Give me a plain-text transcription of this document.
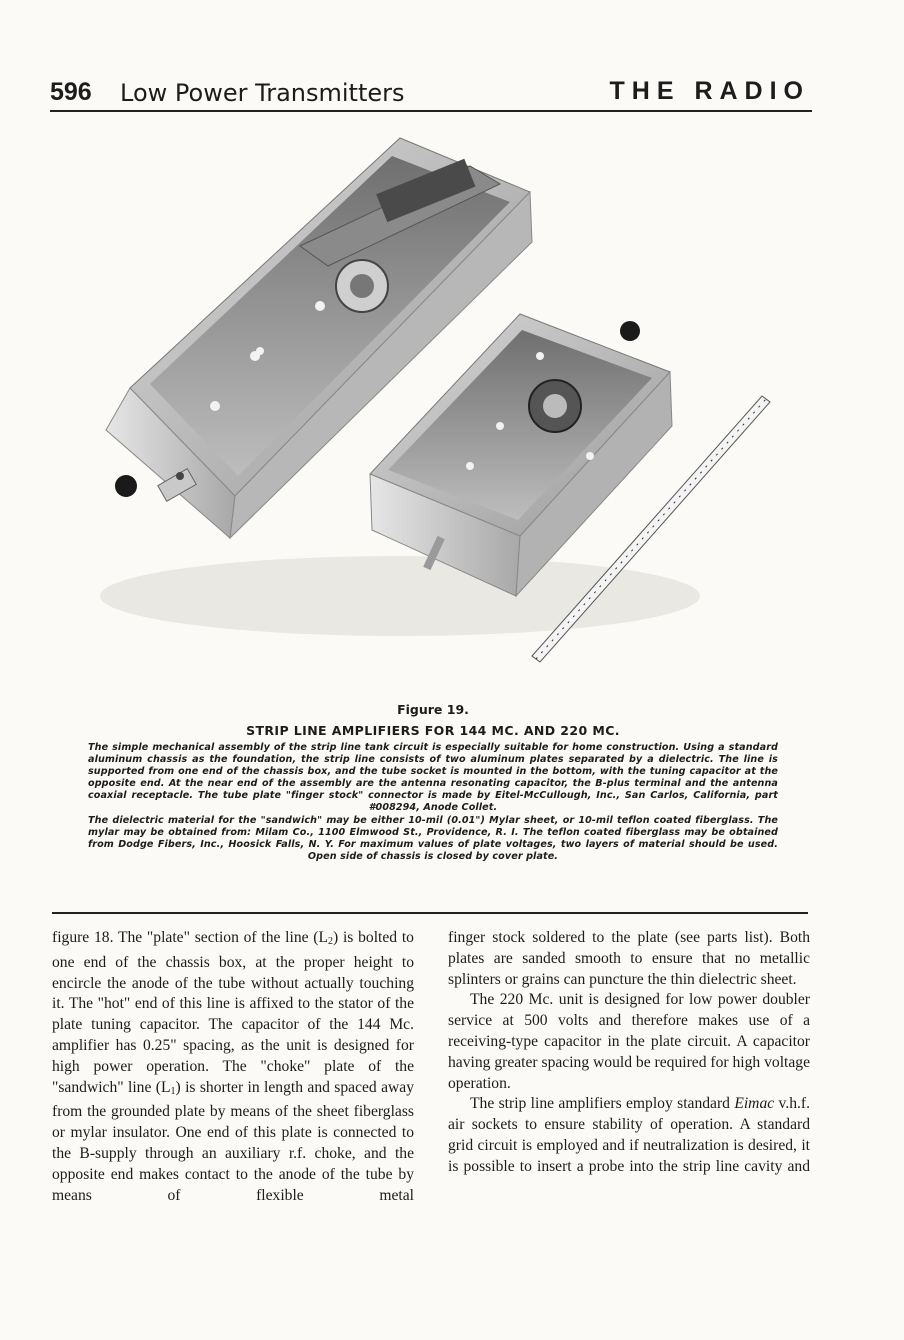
596 Low Power Transmitters	THE RADIO

Figure 19.

STRIP LINE AMPLIFIERS FOR 144 MC. AND 220 MC.

The simple mechanical assembly of the strip line tank circuit is especially suitable for home construction. Using a standard aluminum chassis as the foundation, the strip line consists of two aluminum plates separated by a dielectric. The line is supported from one end of the chassis box, and the tube socket is mounted in the bottom, with the tuning capacitor at the opposite end. At the near end of the assembly are the antenna resonating capacitor, the B-plus terminal and the antenna coaxial receptacle. The tube plate "finger stock" connector is made by Eitel-McCullough, Inc., San Carlos, California, part #008294, Anode Collet.

The dielectric material for the "sandwich" may be either 10-mil (0.01") Mylar sheet, or 10-mil teflon coated fiberglass. The mylar may be obtained from: Milam Co., 1100 Elmwood St., Providence, R. I. The teflon coated fiberglass may be obtained from Dodge Fibers, Inc., Hoosick Falls, N. Y. For maximum values of plate voltages, two layers of material should be used. Open side of chassis is closed by cover plate.

figure 18. The "plate" section of the line $(L_2)$ is bolted to one end of the chassis box, at the proper height to encircle the anode of the tube without actually touching it. The "hot" end of this line is affixed to the stator of the plate tuning capacitor. The capacitor of the 144 Mc. amplifier has 0.25" spacing, as the unit is designed for high power operation. The "choke" plate of the "sandwich" line $(L_1)$ is shorter in length and spaced away from the grounded plate by means of the sheet fiberglass or mylar insulator. One end of this plate is connected to the B-supply through an auxiliary r.f. choke, and the opposite end makes contact to the anode of the tube by means of flexible metal

finger stock soldered to the plate (see parts list). Both plates are sanded smooth to ensure that no metallic splinters or grains can puncture the thin dielectric sheet.

The 220 Mc. unit is designed for low power doubler service at 500 volts and therefore makes use of a receiving-type capacitor in the plate circuit. A capacitor having greater spacing would be required for high voltage operation.

The strip line amplifiers employ standard Eimac v.h.f. air sockets to ensure stability of operation. A standard grid circuit is employed and if neutralization is desired, it is possible to insert a probe into the strip line cavity and
